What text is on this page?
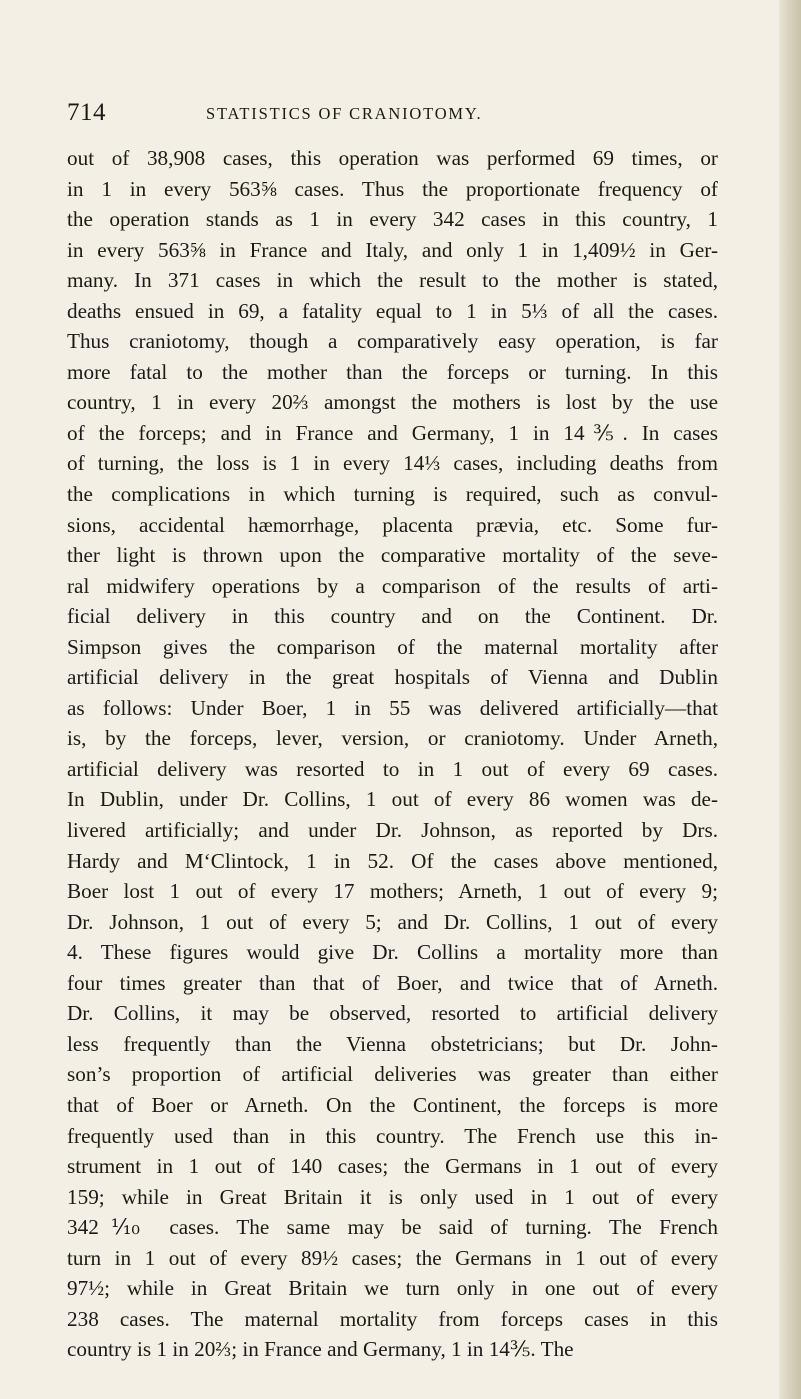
714	STATISTICS OF CRANIOTOMY.
out of 38,908 cases, this operation was performed 69 times, or
in 1 in every 563⅝ cases. Thus the proportionate frequency of
the operation stands as 1 in every 342 cases in this country, 1
in every 563⅝ in France and Italy, and only 1 in 1,409½ in Ger-
many. In 371 cases in which the result to the mother is stated,
deaths ensued in 69, a fatality equal to 1 in 5⅓ of all the cases.
Thus craniotomy, though a comparatively easy operation, is far
more fatal to the mother than the forceps or turning. In this
country, 1 in every 20⅔ amongst the mothers is lost by the use
of the forceps; and in France and Germany, 1 in 14⅗. In cases
of turning, the loss is 1 in every 14⅓ cases, including deaths from
the complications in which turning is required, such as convul-
sions, accidental hæmorrhage, placenta prævia, etc. Some fur-
ther light is thrown upon the comparative mortality of the seve-
ral midwifery operations by a comparison of the results of arti-
ficial delivery in this country and on the Continent. Dr.
Simpson gives the comparison of the maternal mortality after
artificial delivery in the great hospitals of Vienna and Dublin
as follows: Under Boer, 1 in 55 was delivered artificially—that
is, by the forceps, lever, version, or craniotomy. Under Arneth,
artificial delivery was resorted to in 1 out of every 69 cases.
In Dublin, under Dr. Collins, 1 out of every 86 women was de-
livered artificially; and under Dr. Johnson, as reported by Drs.
Hardy and M‘Clintock, 1 in 52. Of the cases above mentioned,
Boer lost 1 out of every 17 mothers; Arneth, 1 out of every 9;
Dr. Johnson, 1 out of every 5; and Dr. Collins, 1 out of every
4. These figures would give Dr. Collins a mortality more than
four times greater than that of Boer, and twice that of Arneth.
Dr. Collins, it may be observed, resorted to artificial delivery
less frequently than the Vienna obstetricians; but Dr. John-
son’s proportion of artificial deliveries was greater than either
that of Boer or Arneth. On the Continent, the forceps is more
frequently used than in this country. The French use this in-
strument in 1 out of 140 cases; the Germans in 1 out of every
159; while in Great Britain it is only used in 1 out of every
342⅒ cases. The same may be said of turning. The French
turn in 1 out of every 89½ cases; the Germans in 1 out of every
97½; while in Great Britain we turn only in one out of every
238 cases. The maternal mortality from forceps cases in this
country is 1 in 20⅔; in France and Germany, 1 in 14⅗. The
